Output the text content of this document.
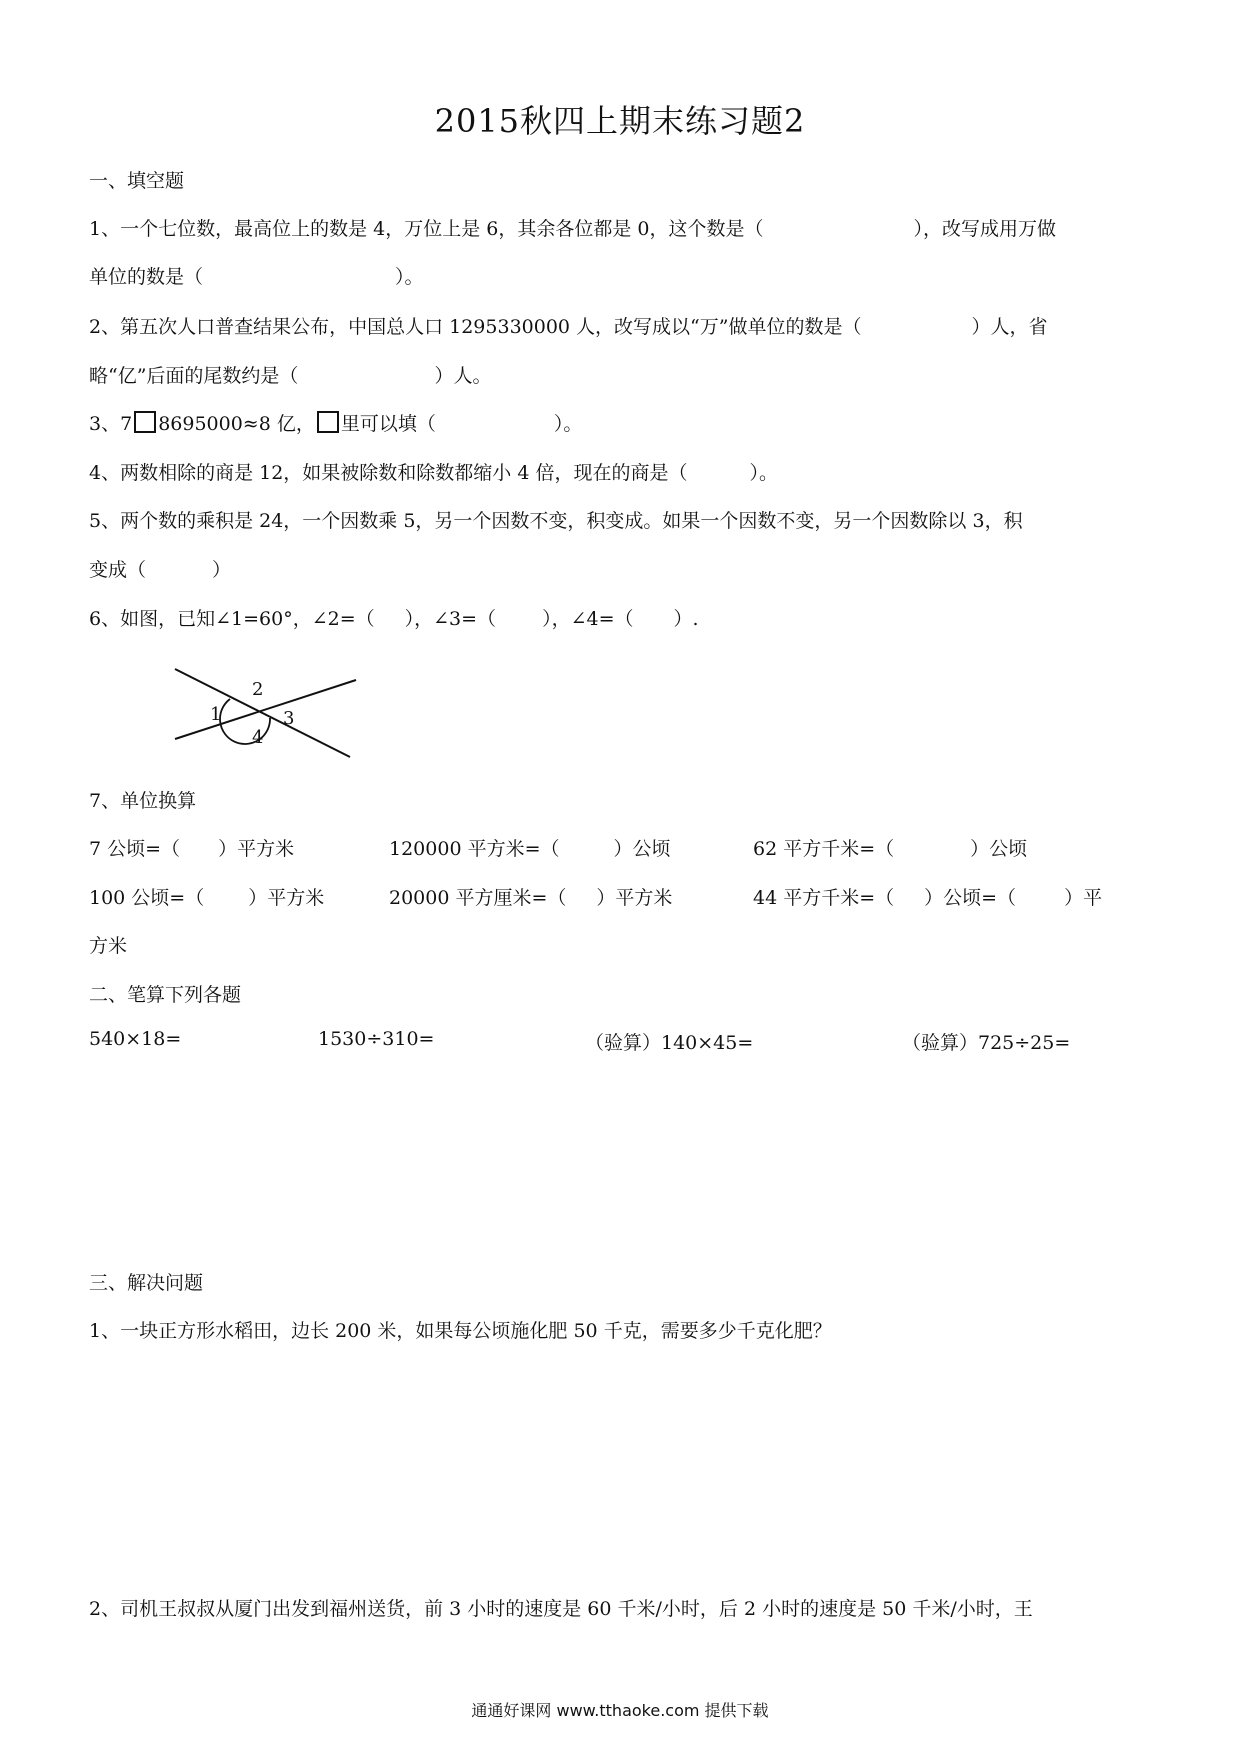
2015秋四上期末练习题2
一、填空题
1、一个七位数，最高位上的数是 4，万位上是 6，其余各位都是 0，这个数是（	），改写成用万做
单位的数是（	）。
2、第五次人口普查结果公布，中国总人口 1295330000 人，改写成以“万”做单位的数是（	）人，省
略“亿”后面的尾数约是（	）人。
3、7 8695000≈8 亿， 里可以填（	）。
4、两数相除的商是 12，如果被除数和除数都缩小 4 倍，现在的商是（	）。
5、两个数的乘积是 24，一个因数乘 5，另一个因数不变，积变成。如果一个因数不变，另一个因数除以 3，积
变成（	）
6、如图，已知∠1=60°，∠2=（ ），∠3=（ ），∠4=（ ）.
1
2
3
4
7、单位换算
7 公顷=（ ）平方米	120000 平方米=（	）公顷	62 平方千米=（	）公顷
100 公顷=（ ）平方米	20000 平方厘米=（ ）平方米	44 平方千米=（ ）公顷=（	）平
方米
二、笔算下列各题
540×18=	1530÷310=	（验算）140×45=	（验算）725÷25=
三、解决问题
1、一块正方形水稻田，边长 200 米，如果每公顷施化肥 50 千克，需要多少千克化肥？
2、司机王叔叔从厦门出发到福州送货，前 3 小时的速度是 60 千米/小时，后 2 小时的速度是 50 千米/小时，王
通通好课网 www.tthaoke.com 提供下载
